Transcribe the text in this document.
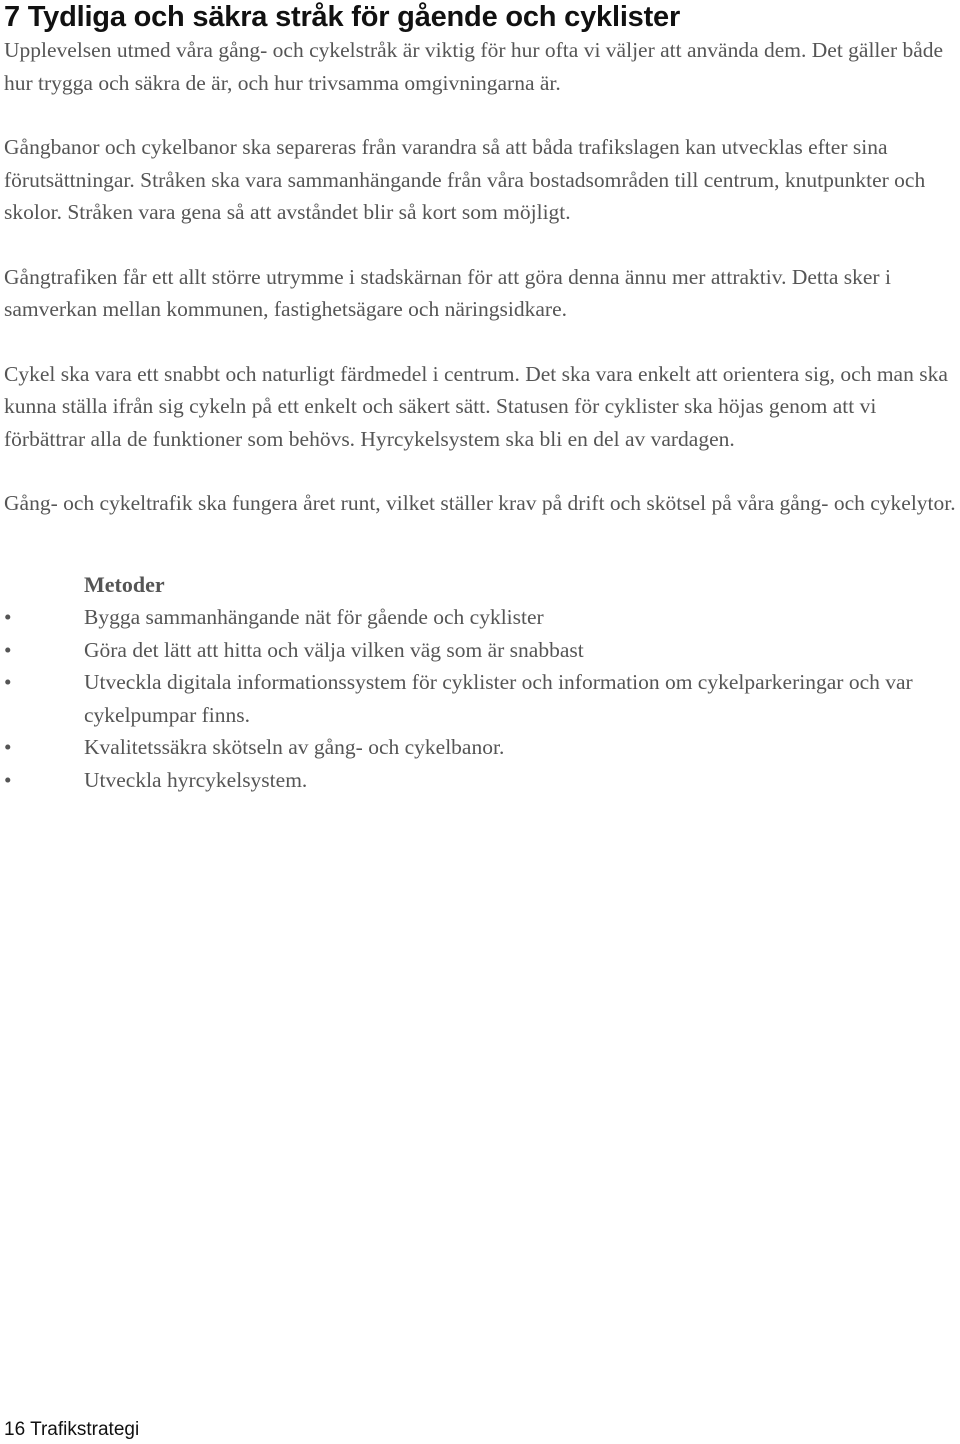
7 Tydliga och säkra stråk för gående och cyklister

Upplevelsen utmed våra gång- och cykelstråk är viktig för hur ofta vi väljer att använda dem. Det gäller både hur trygga och säkra de är, och hur trivsamma omgivningarna är.

Gångbanor och cykelbanor ska separeras från varandra så att båda trafikslagen kan utvecklas efter sina förutsättningar. Stråken ska vara sammanhängande från våra bostadsområden till centrum, knutpunkter och skolor. Stråken vara gena så att avståndet blir så kort som möjligt.

Gångtrafiken får ett allt större utrymme i stadskärnan för att göra denna ännu mer attraktiv. Detta sker i samverkan mellan kommunen, fastighetsägare och näringsidkare.

Cykel ska vara ett snabbt och naturligt färdmedel i centrum. Det ska vara enkelt att orientera sig, och man ska kunna ställa ifrån sig cykeln på ett enkelt och säkert sätt. Statusen för cyklister ska höjas genom att vi förbättrar alla de funktioner som behövs. Hyrcykelsystem ska bli en del av vardagen.

Gång- och cykeltrafik ska fungera året runt, vilket ställer krav på drift och skötsel på våra gång- och cykelytor.

Metoder
•	Bygga sammanhängande nät för gående och cyklister
•	Göra det lätt att hitta och välja vilken väg som är snabbast
•	Utveckla digitala informationssystem för cyklister och information om cykelparkeringar och var cykelpumpar finns.
•	Kvalitetssäkra skötseln av gång- och cykelbanor.
•	Utveckla hyrcykelsystem.
16 Trafikstrategi
